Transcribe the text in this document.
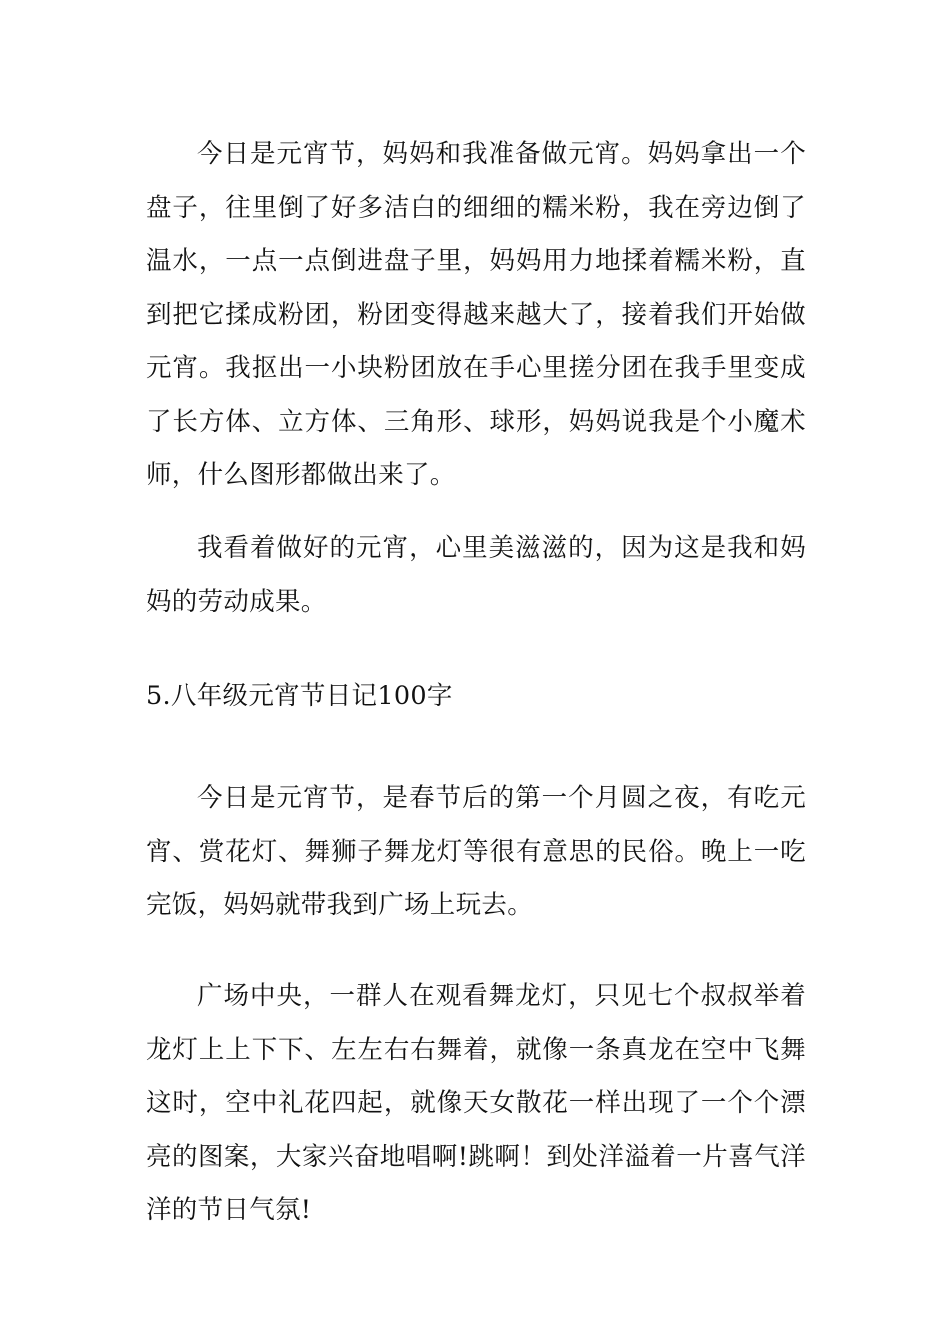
今日是元宵节，妈妈和我准备做元宵。妈妈拿出一个盘子，往里倒了好多洁白的细细的糯米粉，我在旁边倒了温水，一点一点倒进盘子里，妈妈用力地揉着糯米粉，直到把它揉成粉团，粉团变得越来越大了，接着我们开始做元宵。我抠出一小块粉团放在手心里搓分团在我手里变成了长方体、立方体、三角形、球形，妈妈说我是个小魔术师，什么图形都做出来了。

我看着做好的元宵，心里美滋滋的，因为这是我和妈妈的劳动成果。

5.八年级元宵节日记100字

今日是元宵节，是春节后的第一个月圆之夜，有吃元宵、赏花灯、舞狮子舞龙灯等很有意思的民俗。晚上一吃完饭，妈妈就带我到广场上玩去。

广场中央，一群人在观看舞龙灯，只见七个叔叔举着龙灯上上下下、左左右右舞着，就像一条真龙在空中飞舞这时，空中礼花四起，就像天女散花一样出现了一个个漂亮的图案，大家兴奋地唱啊!跳啊！到处洋溢着一片喜气洋洋的节日气氛!
